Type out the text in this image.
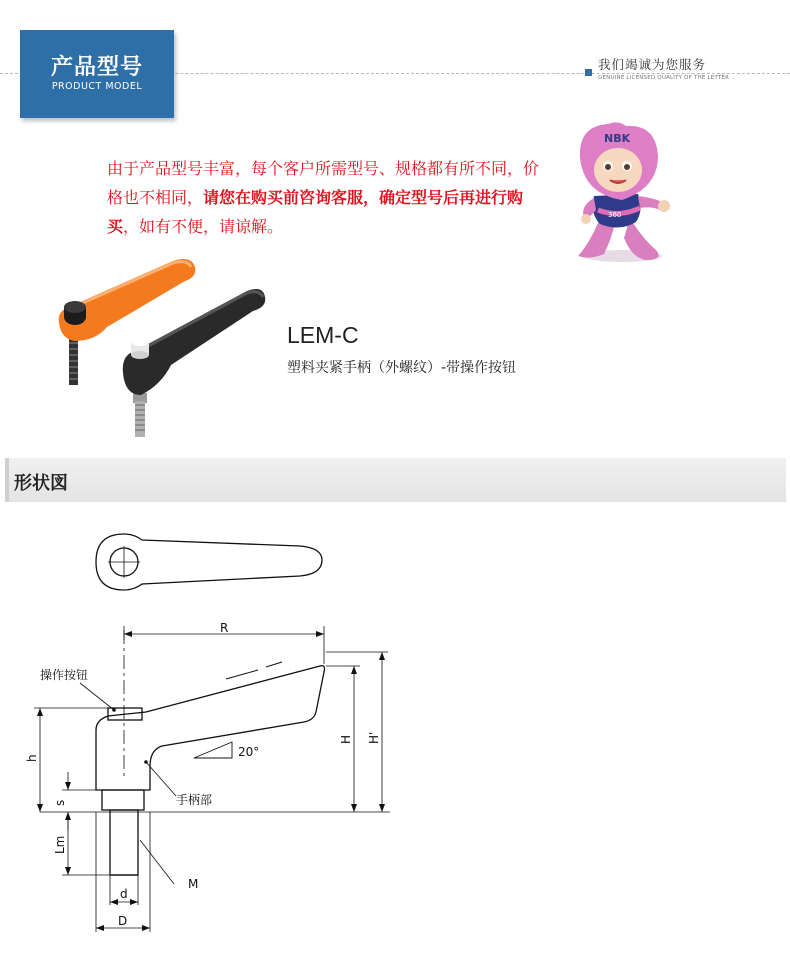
产品型号
PRODUCT MODEL
我们竭诚为您服务
GENUINE LICENSED QUALITY OF THE LETTER
由于产品型号丰富，每个客户所需型号、规格都有所不同，价格也不相同，请您在购买前咨询客服，确定型号后再进行购买，如有不便，请谅解。
NBK
360
LEM-C
塑料夹紧手柄（外螺纹）-带操作按钮
形状図
R
操作按钮
20°
手柄部
M
d
D
H H'
h
s
Lm
